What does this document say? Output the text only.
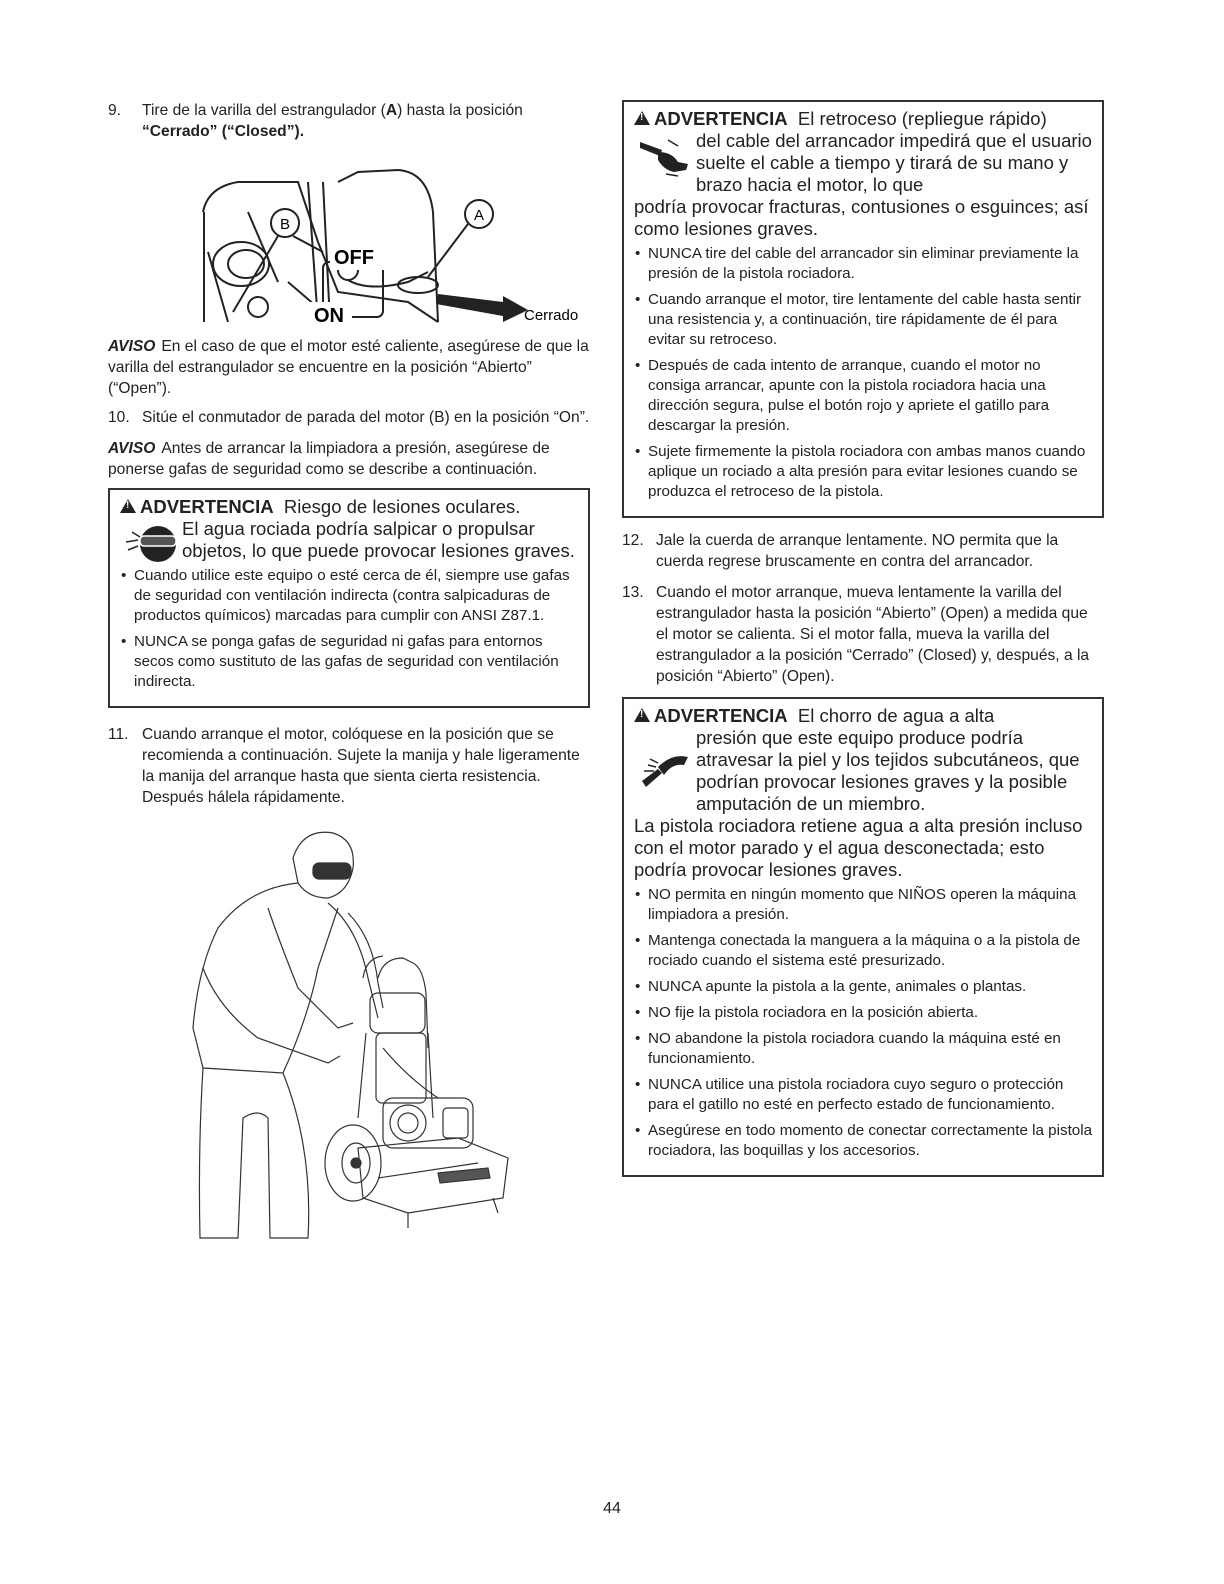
9. Tire de la varilla del estrangulador (A) hasta la posición
“Cerrado” (“Closed”).
B
A
OFF
ON	Cerrado

AVISO En el caso de que el motor esté caliente, asegúrese de que la varilla del estrangulador se encuentre en la posición “Abierto” (“Open”).

10. Sitúe el conmutador de parada del motor (B) en la posición “On”.

AVISO Antes de arrancar la limpiadora a presión, asegúrese de ponerse gafas de seguridad como se describe a continuación.

!ADVERTENCIA Riesgo de lesiones oculares.
El agua rociada podría salpicar o propulsar objetos, lo que puede provocar lesiones graves.
• Cuando utilice este equipo o esté cerca de él, siempre use gafas de seguridad con ventilación indirecta (contra salpicaduras de productos químicos) marcadas para cumplir con ANSI Z87.1.
• NUNCA se ponga gafas de seguridad ni gafas para entornos secos como sustituto de las gafas de seguridad con ventilación indirecta.
11. Cuando arranque el motor, colóquese en la posición que se recomienda a continuación. Sujete la manija y hale ligeramente la manija del arranque hasta que sienta cierta resistencia. Después hálela rápidamente.
!ADVERTENCIA El retroceso (repliegue rápido)
del cable del arrancador impedirá que el usuario suelte el cable a tiempo y tirará de su mano y brazo hacia el motor, lo que
podría provocar fracturas, contusiones o esguinces; así como lesiones graves.
• NUNCA tire del cable del arrancador sin eliminar previamente la presión de la pistola rociadora.
• Cuando arranque el motor, tire lentamente del cable hasta sentir una resistencia y, a continuación, tire rápidamente de él para evitar su retroceso.
• Después de cada intento de arranque, cuando el motor no consiga arrancar, apunte con la pistola rociadora hacia una dirección segura, pulse el botón rojo y apriete el gatillo para descargar la presión.
• Sujete firmemente la pistola rociadora con ambas manos cuando aplique un rociado a alta presión para evitar lesiones cuando se produzca el retroceso de la pistola.
12. Jale la cuerda de arranque lentamente. NO permita que la cuerda regrese bruscamente en contra del arrancador.
13. Cuando el motor arranque, mueva lentamente la varilla del estrangulador hasta la posición “Abierto” (Open) a medida que el motor se calienta. Si el motor falla, mueva la varilla del estrangulador a la posición “Cerrado” (Closed) y, después, a la posición “Abierto” (Open).
!ADVERTENCIA El chorro de agua a alta
presión que este equipo produce podría atravesar la piel y los tejidos subcutáneos, que podrían provocar lesiones graves y la posible amputación de un miembro.
La pistola rociadora retiene agua a alta presión incluso con el motor parado y el agua desconectada; esto podría provocar lesiones graves.
• NO permita en ningún momento que NIÑOS operen la máquina limpiadora a presión.
• Mantenga conectada la manguera a la máquina o a la pistola de rociado cuando el sistema esté presurizado.
• NUNCA apunte la pistola a la gente, animales o plantas.
• NO fije la pistola rociadora en la posición abierta.
• NO abandone la pistola rociadora cuando la máquina esté en funcionamiento.
• NUNCA utilice una pistola rociadora cuyo seguro o protección para el gatillo no esté en perfecto estado de funcionamiento.
• Asegúrese en todo momento de conectar correctamente la pistola rociadora, las boquillas y los accesorios.
44
